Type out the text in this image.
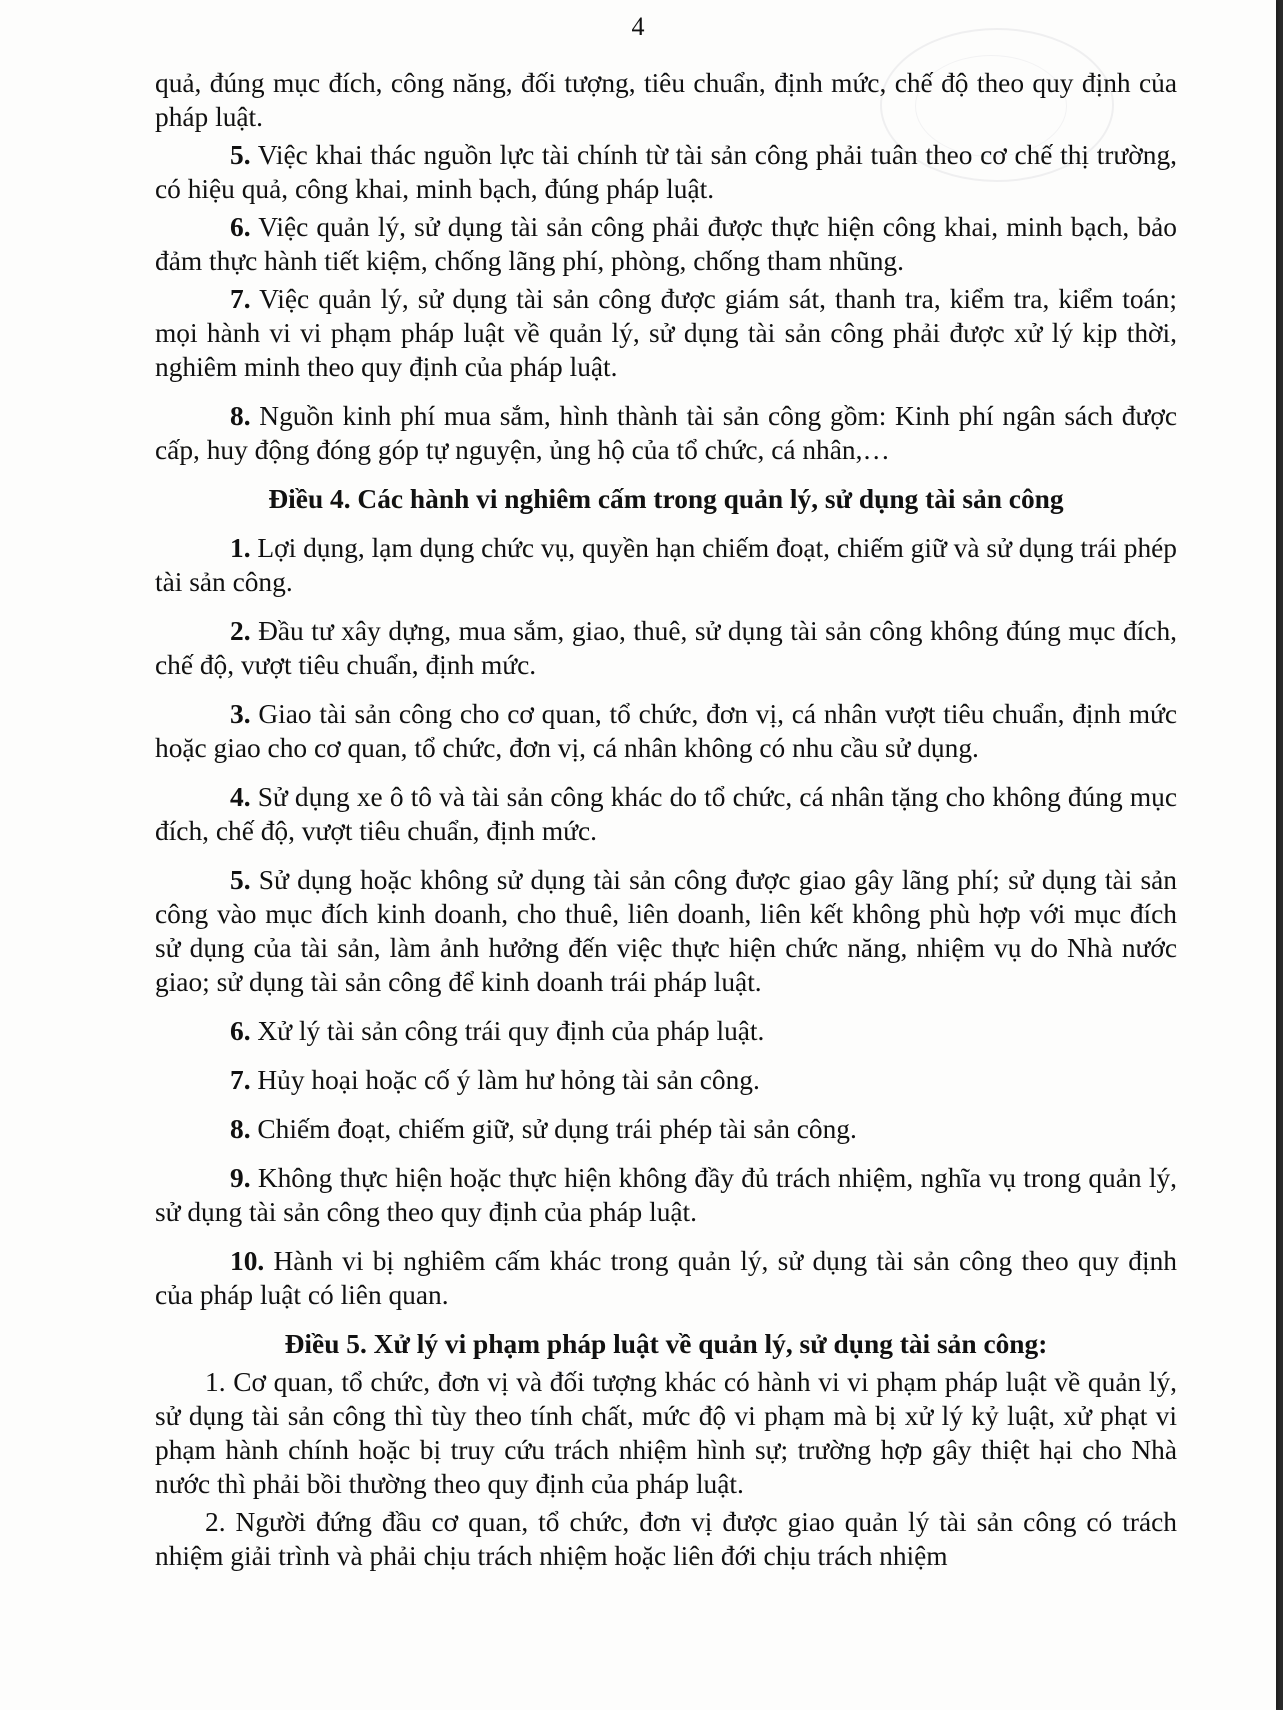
4

quả, đúng mục đích, công năng, đối tượng, tiêu chuẩn, định mức, chế độ theo quy định của pháp luật.

5. Việc khai thác nguồn lực tài chính từ tài sản công phải tuân theo cơ chế thị trường, có hiệu quả, công khai, minh bạch, đúng pháp luật.

6. Việc quản lý, sử dụng tài sản công phải được thực hiện công khai, minh bạch, bảo đảm thực hành tiết kiệm, chống lãng phí, phòng, chống tham nhũng.

7. Việc quản lý, sử dụng tài sản công được giám sát, thanh tra, kiểm tra, kiểm toán; mọi hành vi vi phạm pháp luật về quản lý, sử dụng tài sản công phải được xử lý kịp thời, nghiêm minh theo quy định của pháp luật.

8. Nguồn kinh phí mua sắm, hình thành tài sản công gồm: Kinh phí ngân sách được cấp, huy động đóng góp tự nguyện, ủng hộ của tổ chức, cá nhân,…

Điều 4. Các hành vi nghiêm cấm trong quản lý, sử dụng tài sản công

1. Lợi dụng, lạm dụng chức vụ, quyền hạn chiếm đoạt, chiếm giữ và sử dụng trái phép tài sản công.

2. Đầu tư xây dựng, mua sắm, giao, thuê, sử dụng tài sản công không đúng mục đích, chế độ, vượt tiêu chuẩn, định mức.

3. Giao tài sản công cho cơ quan, tổ chức, đơn vị, cá nhân vượt tiêu chuẩn, định mức hoặc giao cho cơ quan, tổ chức, đơn vị, cá nhân không có nhu cầu sử dụng.

4. Sử dụng xe ô tô và tài sản công khác do tổ chức, cá nhân tặng cho không đúng mục đích, chế độ, vượt tiêu chuẩn, định mức.

5. Sử dụng hoặc không sử dụng tài sản công được giao gây lãng phí; sử dụng tài sản công vào mục đích kinh doanh, cho thuê, liên doanh, liên kết không phù hợp với mục đích sử dụng của tài sản, làm ảnh hưởng đến việc thực hiện chức năng, nhiệm vụ do Nhà nước giao; sử dụng tài sản công để kinh doanh trái pháp luật.

6. Xử lý tài sản công trái quy định của pháp luật.

7. Hủy hoại hoặc cố ý làm hư hỏng tài sản công.

8. Chiếm đoạt, chiếm giữ, sử dụng trái phép tài sản công.

9. Không thực hiện hoặc thực hiện không đầy đủ trách nhiệm, nghĩa vụ trong quản lý, sử dụng tài sản công theo quy định của pháp luật.

10. Hành vi bị nghiêm cấm khác trong quản lý, sử dụng tài sản công theo quy định của pháp luật có liên quan.

Điều 5. Xử lý vi phạm pháp luật về quản lý, sử dụng tài sản công:

1. Cơ quan, tổ chức, đơn vị và đối tượng khác có hành vi vi phạm pháp luật về quản lý, sử dụng tài sản công thì tùy theo tính chất, mức độ vi phạm mà bị xử lý kỷ luật, xử phạt vi phạm hành chính hoặc bị truy cứu trách nhiệm hình sự; trường hợp gây thiệt hại cho Nhà nước thì phải bồi thường theo quy định của pháp luật.

2. Người đứng đầu cơ quan, tổ chức, đơn vị được giao quản lý tài sản công có trách nhiệm giải trình và phải chịu trách nhiệm hoặc liên đới chịu trách nhiệm
